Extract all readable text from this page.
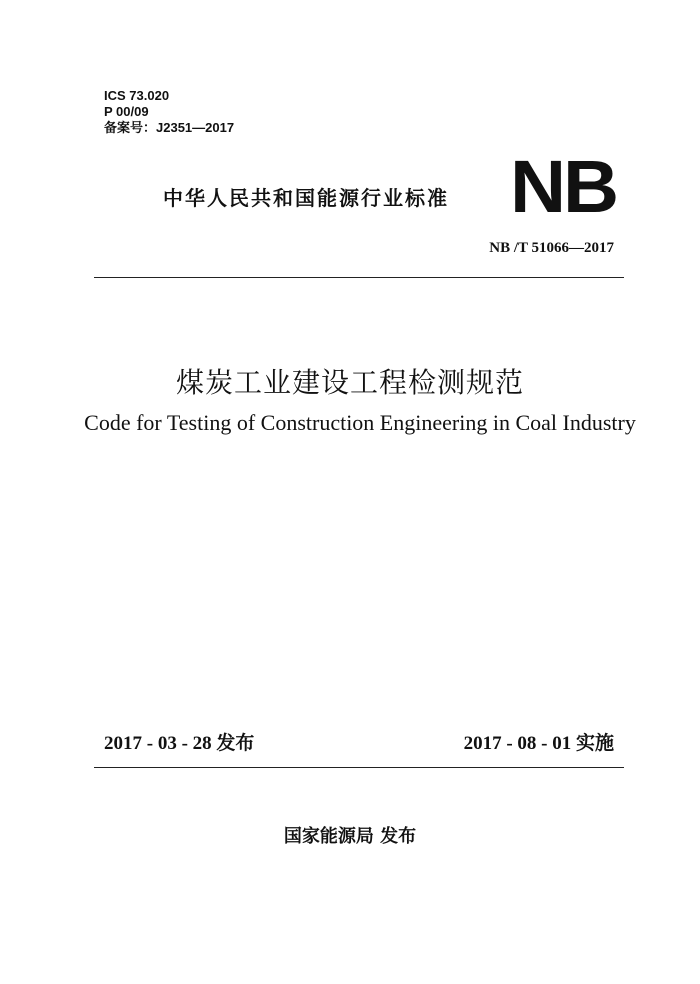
ICS 73.020
P 00/09
备案号：J2351—2017
中华人民共和国能源行业标准 NB
NB /T 51066—2017
煤炭工业建设工程检测规范
Code for Testing of Construction Engineering in Coal Industry
2017 - 03 - 28 发布	2017 - 08 - 01 实施
国家能源局 发布
